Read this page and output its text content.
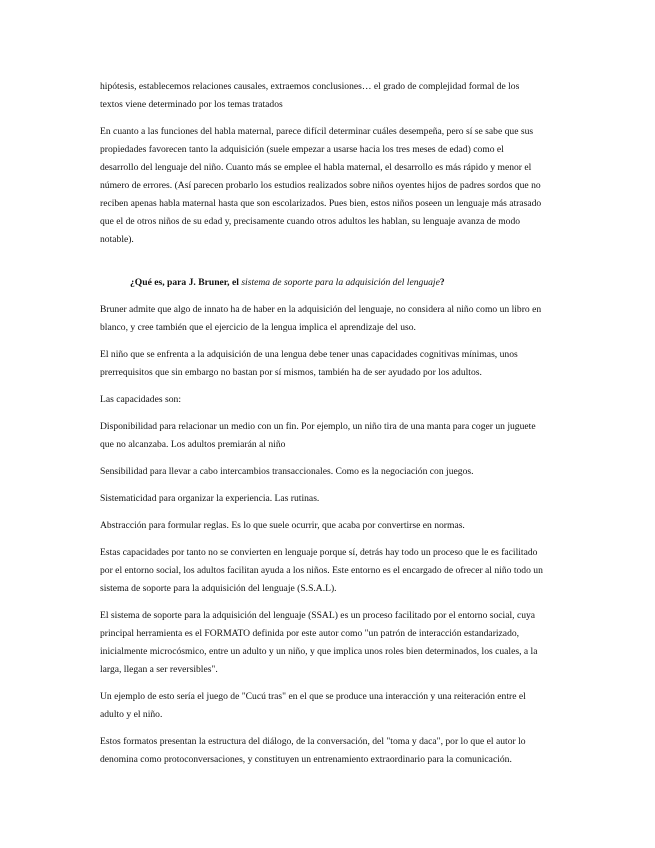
hipótesis, establecemos relaciones causales, extraemos conclusiones… el grado de complejidad formal de los textos viene determinado por los temas tratados

En cuanto a las funciones del habla maternal, parece difícil determinar cuáles desempeña, pero sí se sabe que sus propiedades favorecen tanto la adquisición (suele empezar a usarse hacia los tres meses de edad) como el desarrollo del lenguaje del niño. Cuanto más se emplee el habla maternal, el desarrollo es más rápido y menor el número de errores. (Así parecen probarlo los estudios realizados sobre niños oyentes hijos de padres sordos que no reciben apenas habla maternal hasta que son escolarizados. Pues bien, estos niños poseen un lenguaje más atrasado que el de otros niños de su edad y, precisamente cuando otros adultos les hablan, su lenguaje avanza de modo notable).

¿Qué es, para J. Bruner, el sistema de soporte para la adquisición del lenguaje?

Bruner admite que algo de innato ha de haber en la adquisición del lenguaje, no considera al niño como un libro en blanco, y cree también que el ejercicio de la lengua implica el aprendizaje del uso.

El niño que se enfrenta a la adquisición de una lengua debe tener unas capacidades cognitivas mínimas, unos prerrequisitos que sin embargo no bastan por sí mismos, también ha de ser ayudado por los adultos.

Las capacidades son:

Disponibilidad para relacionar un medio con un fin. Por ejemplo, un niño tira de una manta para coger un juguete que no alcanzaba. Los adultos premiarán al niño

Sensibilidad para llevar a cabo intercambios transaccionales. Como es la negociación con juegos.

Sistematicidad para organizar la experiencia. Las rutinas.

Abstracción para formular reglas. Es lo que suele ocurrir, que acaba por convertirse en normas.

Estas capacidades por tanto no se convierten en lenguaje porque sí, detrás hay todo un proceso que le es facilitado por el entorno social, los adultos facilitan ayuda a los niños. Este entorno es el encargado de ofrecer al niño todo un sistema de soporte para la adquisición del lenguaje (S.S.A.L).

El sistema de soporte para la adquisición del lenguaje (SSAL) es un proceso facilitado por el entorno social, cuya principal herramienta es el FORMATO definida por este autor como "un patrón de interacción estandarizado, inicialmente microcósmico, entre un adulto y un niño, y que implica unos roles bien determinados, los cuales, a la larga, llegan a ser reversibles".

Un ejemplo de esto sería el juego de "Cucú tras" en el que se produce una interacción y una reiteración entre el adulto y el niño.

Estos formatos presentan la estructura del diálogo, de la conversación, del "toma y daca", por lo que el autor lo denomina como protoconversaciones, y constituyen un entrenamiento extraordinario para la comunicación.
